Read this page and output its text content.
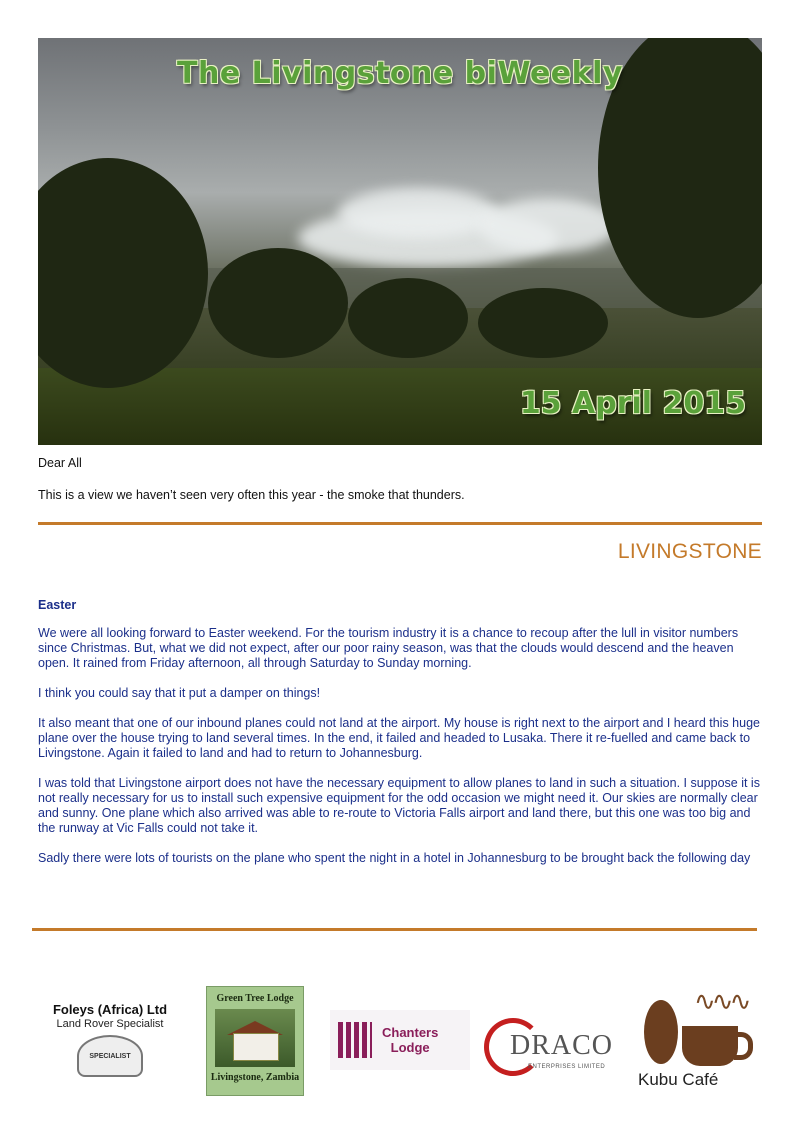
The Livingstone biWeekly
15 April 2015

Dear All

This is a view we haven’t seen very often this year - the smoke that thunders.

LIVINGSTONE
Easter

We were all looking forward to Easter weekend. For the tourism industry it is a chance to recoup after the lull in visitor numbers since Christmas. But, what we did not expect, after our poor rainy season, was that the clouds would descend and the heaven open. It rained from Friday afternoon, all through Saturday to Sunday morning.

I think you could say that it put a damper on things!

It also meant that one of our inbound planes could not land at the airport. My house is right next to the airport and I heard this huge plane over the house trying to land several times. In the end, it failed and headed to Lusaka. There it re-fuelled and came back to Livingstone. Again it failed to land and had to return to Johannesburg.

I was told that Livingstone airport does not have the necessary equipment to allow planes to land in such a situation. I suppose it is not really necessary for us to install such expensive equipment for the odd occasion we might need it. Our skies are normally clear and sunny. One plane which also arrived was able to re-route to Victoria Falls airport and land there, but this one was too big and the runway at Vic Falls could not take it.

Sadly there were lots of tourists on the plane who spent the night in a hotel in Johannesburg to be brought back the following day

Foleys (Africa) Ltd
Land Rover Specialist
SPECIALIST
Green Tree Lodge
Livingstone, Zambia
Chanters
Lodge	DRACO
ENTERPRISES LIMITED
∿∿∿
Kubu Café
